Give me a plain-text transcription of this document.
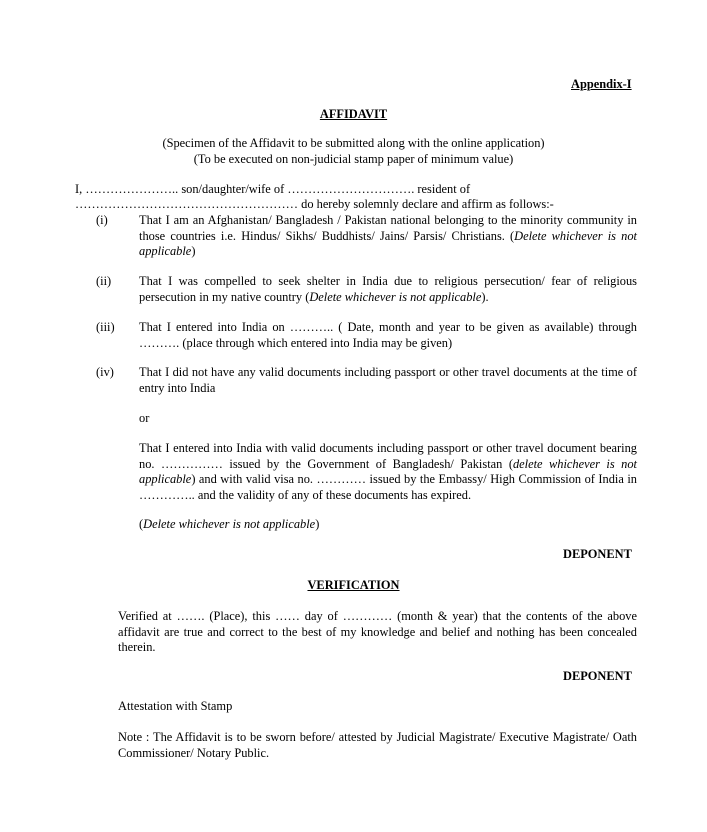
Appendix-I
AFFIDAVIT
(Specimen of the Affidavit to be submitted along with the online application)
(To be executed on non-judicial stamp paper of minimum value)
I, ………………….. son/daughter/wife of …………………………. resident of
……………………………………………… do hereby solemnly declare and affirm as follows:-
(i)	That I am an Afghanistan/ Bangladesh / Pakistan national belonging to the minority community in those countries i.e. Hindus/ Sikhs/ Buddhists/ Jains/ Parsis/ Christians. (Delete whichever is not applicable)
(ii) That I was compelled to seek shelter in India due to religious persecution/ fear of religious persecution in my native country (Delete whichever is not applicable).
(iii) That I entered into India on ……….. ( Date, month and year to be given as available) through ………. (place through which entered into India may be given)
(iv) That I did not have any valid documents including passport or other travel documents at the time of entry into India
or
That I entered into India with valid documents including passport or other travel document bearing no. …………… issued by the Government of Bangladesh/ Pakistan (delete whichever is not applicable) and with valid visa no. ………… issued by the Embassy/ High Commission of India in ………….. and the validity of any of these documents has expired.
(Delete whichever is not applicable)
DEPONENT
VERIFICATION
Verified at ……. (Place), this …… day of ………… (month & year) that the contents of the above affidavit are true and correct to the best of my knowledge and belief and nothing has been concealed therein.
DEPONENT
Attestation with Stamp
Note : The Affidavit is to be sworn before/ attested by Judicial Magistrate/ Executive Magistrate/ Oath Commissioner/ Notary Public.
